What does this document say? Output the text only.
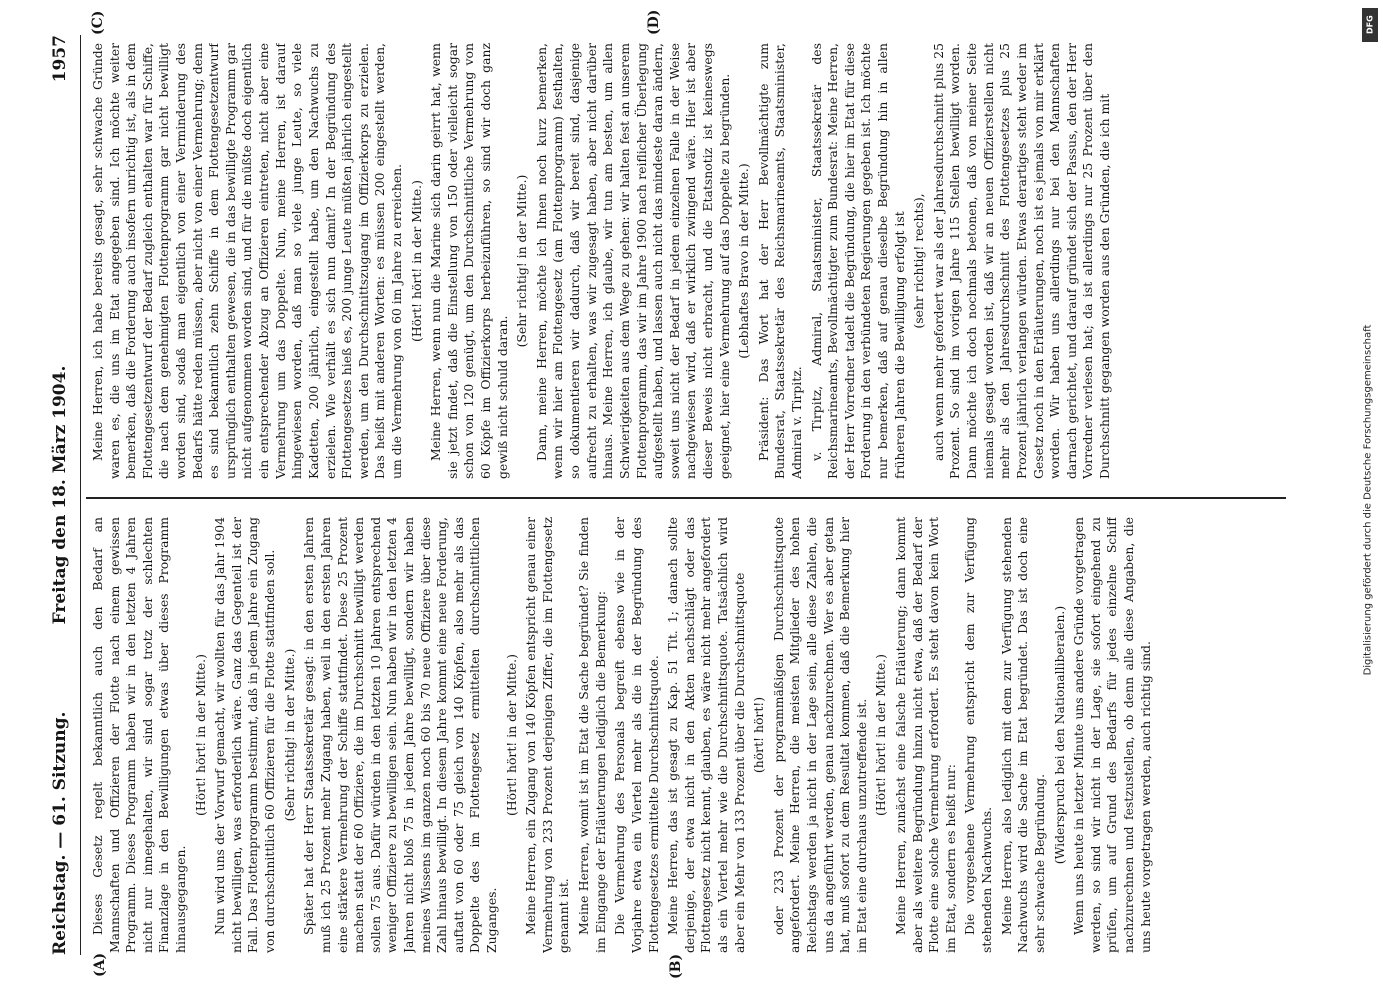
Reichstag. — 61. Sitzung.
Freitag den 18. März 1904.
1957
(A)	(B)
(C)	(D)

Dieses Gesetz regelt bekanntlich auch den Bedarf an Mannschaften und Offizieren der Flotte nach einem gewissen Programm. Dieses Programm haben wir in den letzten 4 Jahren nicht nur innegehalten, wir sind sogar trotz der schlechten Finanzlage in den Bewilligungen etwas über dieses Programm hinausgegangen.

(Hört! hört! in der Mitte.) Nun wird uns der Vorwurf gemacht, wir wollten für das Jahr 1904 nicht bewilligen, was erforderlich wäre. Ganz das Gegenteil ist der Fall. Das Flottenprogramm bestimmt, daß in jedem Jahre ein Zugang von durchschnittlich 60 Offizieren für die Flotte stattfinden soll. (Sehr richtig! in der Mitte.) Später hat der Herr Staatssekretär gesagt: in den ersten Jahren muß ich 25 Prozent mehr Zugang haben, weil in den ersten Jahren eine stärkere Vermehrung der Schiffe stattfindet. Diese 25 Prozent machen statt der 60 Offiziere, die im Durchschnitt bewilligt werden sollen 75 aus. Dafür würden in den letzten 10 Jahren entsprechend weniger Offiziere zu bewilligen sein. Nun haben wir in den letzten 4 Jahren nicht bloß 75 in jedem Jahre bewilligt, sondern wir haben meines Wissens im ganzen noch 60 bis 70 neue Offiziere über diese Zahl hinaus bewilligt. In diesem Jahre kommt eine neue Forderung, auftatt von 60 oder 75 gleich von 140 Köpfen, also mehr als das Doppelte des im Flottengesetz ermittelten durchschnittlichen Zuganges.

(Hört! hört! in der Mitte.) Meine Herren, ein Zugang von 140 Köpfen entspricht genau einer Vermehrung von 233 Prozent derjenigen Ziffer, die im Flottengesetz genannt ist. Meine Herren, womit ist im Etat die Sache begründet? Sie finden im Eingange der Erläuterungen lediglich die Bemerkung: Die Vermehrung des Personals begreift ebenso wie in der Vorjahre etwa ein Viertel mehr als die in der Begründung des Flottengesetzes ermittelte Durchschnittsquote. Meine Herren, das ist gesagt zu Kap. 51 Tit. 1; danach sollte derjenige, der etwa nicht in den Akten nachschlägt oder das Flottengesetz nicht kennt, glauben, es wäre nicht mehr angefordert als ein Viertel mehr wie die Durchschnittsquote. Tatsächlich wird aber ein Mehr von 133 Prozent über die Durchschnittsquote (hört! hört!) oder 233 Prozent der programmäßigen Durchschnittsquote angefordert. Meine Herren, die meisten Mitglieder des hohen Reichstags werden ja nicht in der Lage sein, alle diese Zahlen, die uns da angeführt werden, genau nachzurechnen. Wer es aber getan hat, muß sofort zu dem Resultat kommen, daß die Bemerkung hier im Etat eine durchaus unzutreffende ist. (Hört! hört! in der Mitte.) Meine Herren, zunächst eine falsche Erläuterung; dann kommt aber als weitere Begründung hinzu nicht etwa, daß der Bedarf der Flotte eine solche Vermehrung erfordert. Es steht davon kein Wort im Etat, sondern es heißt nur: Die vorgesehene Vermehrung entspricht dem zur Verfügung stehenden Nachwuchs. Meine Herren, also lediglich mit dem zur Verfügung stehenden Nachwuchs wird die Sache im Etat begründet. Das ist doch eine sehr schwache Begründung. (Widerspruch bei den Nationalliberalen.) Wenn uns heute in letzter Minute uns andere Gründe vorgetragen werden, so sind wir nicht in der Lage, sie sofort eingehend zu prüfen, um auf Grund des Bedarfs für jedes einzelne Schiff nachzurechnen und festzustellen, ob denn alle diese Angaben, die uns heute vorgetragen werden, auch richtig sind.

Meine Herren, ich habe bereits gesagt, sehr schwache Gründe waren es, die uns im Etat angegeben sind. Ich möchte weiter bemerken, daß die Forderung auch insofern unrichtig ist, als in dem Flottengesetzentwurf der Bedarf zugleich enthalten war für Schiffe, die nach dem genehmigten Flottenprogramm gar nicht bewilligt worden sind, sodaß man eigentlich von einer Verminderung des Bedarfs hätte reden müssen, aber nicht von einer Vermehrung; denn es sind bekanntlich zehn Schiffe in dem Flottengesetzentwurf ursprünglich enthalten gewesen, die in das bewilligte Programm gar nicht aufgenommen worden sind, und für die müßte doch eigentlich ein entsprechender Abzug an Offizieren eintreten, nicht aber eine Vermehrung um das Doppelte. Nun, meine Herren, ist darauf hingewiesen worden, daß man so viele junge Leute, so viele Kadetten, 200 jährlich, eingestellt habe, um den Nachwuchs zu erzielen. Wie verhält es sich nun damit? In der Begründung des Flottengesetzes hieß es, 200 junge Leute müßten jährlich eingestellt werden, um den Durchschnittszugang im Offizierkorps zu erzielen. Das heißt mit anderen Worten: es müssen 200 eingestellt werden, um die Vermehrung von 60 im Jahre zu erreichen. (Hört! hört! in der Mitte.) Meine Herren, wenn nun die Marine sich darin geirrt hat, wenn sie jetzt findet, daß die Einstellung von 150 oder vielleicht sogar schon von 120 genügt, um den Durchschnittliche Vermehrung von 60 Köpfe im Offizierkorps herbeizuführen, so sind wir doch ganz gewiß nicht schuld daran.

(Sehr richtig! in der Mitte.) Dann, meine Herren, möchte ich Ihnen noch kurz bemerken, wenn wir hier am Flottengesetz (am Flottenprogramm) festhalten, so dokumentieren wir dadurch, daß wir bereit sind, dasjenige aufrecht zu erhalten, was wir zugesagt haben, aber nicht darüber hinaus. Meine Herren, ich glaube, wir tun am besten, um allen Schwierigkeiten aus dem Wege zu gehen: wir halten fest an unserem Flottenprogramm, das wir im Jahre 1900 nach reiflicher Überlegung aufgestellt haben, und lassen auch nicht das mindeste daran ändern, soweit uns nicht der Bedarf in jedem einzelnen Falle in der Weise nachgewiesen wird, daß er wirklich zwingend wäre. Hier ist aber dieser Beweis nicht erbracht, und die Etatsnotiz ist keineswegs geeignet, hier eine Vermehrung auf das Doppelte zu begründen. (Lebhaftes Bravo in der Mitte.) Präsident: Das Wort hat der Herr Bevollmächtigte zum Bundesrat, Staatssekretär des Reichsmarineamts, Staatsminister, Admiral v. Tirpitz. v. Tirpitz, Admiral, Staatsminister, Staatssekretär des Reichsmarineamts, Bevollmächtigter zum Bundesrat: Meine Herren, der Herr Vorredner tadelt die Begründung, die hier im Etat für diese Forderung in den verbündeten Regierungen gegeben ist. Ich möchte nur bemerken, daß auf genau dieselbe Begründung hin in allen früheren Jahren die Bewilligung erfolgt ist (sehr richtig! rechts), auch wenn mehr gefordert war als der Jahresdurchschnitt plus 25 Prozent. So sind im vorigen Jahre 115 Stellen bewilligt worden. Dann möchte ich doch nochmals betonen, daß von meiner Seite niemals gesagt worden ist, daß wir an neuen Offizierstellen nicht mehr als den Jahresdurchschnitt des Flottengesetzes plus 25 Prozent jährlich verlangen würden. Etwas derartiges steht weder im Gesetz noch in den Erläuterungen, noch ist es jemals von mir erklärt worden. Wir haben uns allerdings nur bei den Mannschaften darnach gerichtet, und darauf gründet sich der Passus, den der Herr Vorredner verlesen hat; da ist allerdings nur 25 Prozent über den Durchschnitt gegangen worden aus den Gründen, die ich mit

DFG
Digitalisierung gefördert durch die Deutsche Forschungsgemeinschaft
